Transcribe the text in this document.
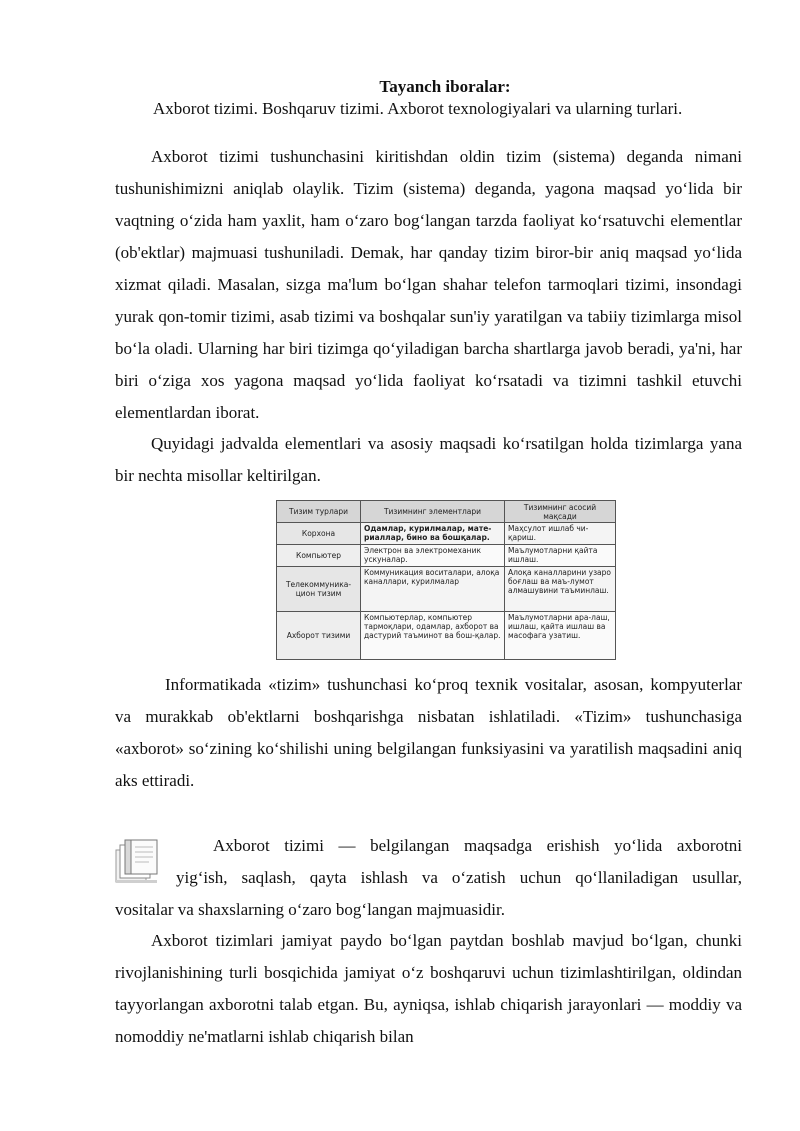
Tayanch iboralar:
Axborot tizimi. Boshqaruv tizimi. Axborot texnologiyalari va ularning turlari.

Axborot tizimi tushunchasini kiritishdan oldin tizim (sistema) deganda nimani tushunishimizni aniqlab olaylik. Tizim (sistema) deganda, yagona maqsad yo‘lida bir vaqtning o‘zida ham yaxlit, ham o‘zaro bog‘langan tarzda faoliyat ko‘rsatuvchi elementlar (ob'ektlar) majmuasi tushuniladi. Demak, har qanday tizim biror-bir aniq maqsad yo‘lida xizmat qiladi. Masalan, sizga ma'lum bo‘lgan shahar telefon tarmoqlari tizimi, insondagi yurak qon-tomir tizimi, asab tizimi va boshqalar sun'iy yaratilgan va tabiiy tizimlarga misol bo‘la oladi. Ularning har biri tizimga qo‘yiladigan barcha shartlarga javob beradi, ya'ni, har biri o‘ziga xos yagona maqsad yo‘lida faoliyat ko‘rsatadi va tizimni tashkil etuvchi elementlardan iborat.

Quyidagi jadvalda elementlari va asosiy maqsadi ko‘rsatilgan holda tizimlarga yana bir nechta misollar keltirilgan.

Тизим турлари	Тизимнинг элементлари	Тизимнинг асосий мақсади
Корхона	Одамлар, курилмалар, мате-риаллар, бино ва бошқалар.	Маҳсулот ишлаб чи-қариш.
Компьютер	Электрон ва электромеханик ускуналар.	Маълумотларни қайта ишлаш.
Телекоммуника-цион тизим	Коммуникация воситалари, алоқа каналлари, курилмалар	Алоқа каналларини узаро боғлаш ва маъ-лумот алмашувини таъминлаш.
Ахборот тизими	Компьютерлар, компьютер тармоқлари, одамлар, ахборот ва дастурий таъминот ва бош-қалар.	Маълумотларни ара-лаш, ишлаш, қайта ишлаш ва масофага узатиш.

Informatikada «tizim» tushunchasi ko‘proq texnik vositalar, asosan, kompyuterlar va murakkab ob'ektlarni boshqarishga nisbatan ishlatiladi. «Tizim» tushunchasiga «axborot» so‘zining ko‘shilishi uning belgilangan funksiyasini va yaratilish maqsadini aniq aks ettiradi.

Axborot tizimi — belgilangan maqsadga erishish yo‘lida axborotni
yig‘ish, saqlash, qayta ishlash va o‘zatish uchun qo‘llaniladigan usullar,
vositalar va shaxslarning o‘zaro bog‘langan majmuasidir.

Axborot tizimlari jamiyat paydo bo‘lgan paytdan boshlab mavjud bo‘lgan, chunki rivojlanishining turli bosqichida jamiyat o‘z boshqaruvi uchun tizimlashtirilgan, oldindan tayyorlangan axborotni talab etgan. Bu, ayniqsa, ishlab chiqarish jarayonlari — moddiy va nomoddiy ne'matlarni ishlab chiqarish bilan
